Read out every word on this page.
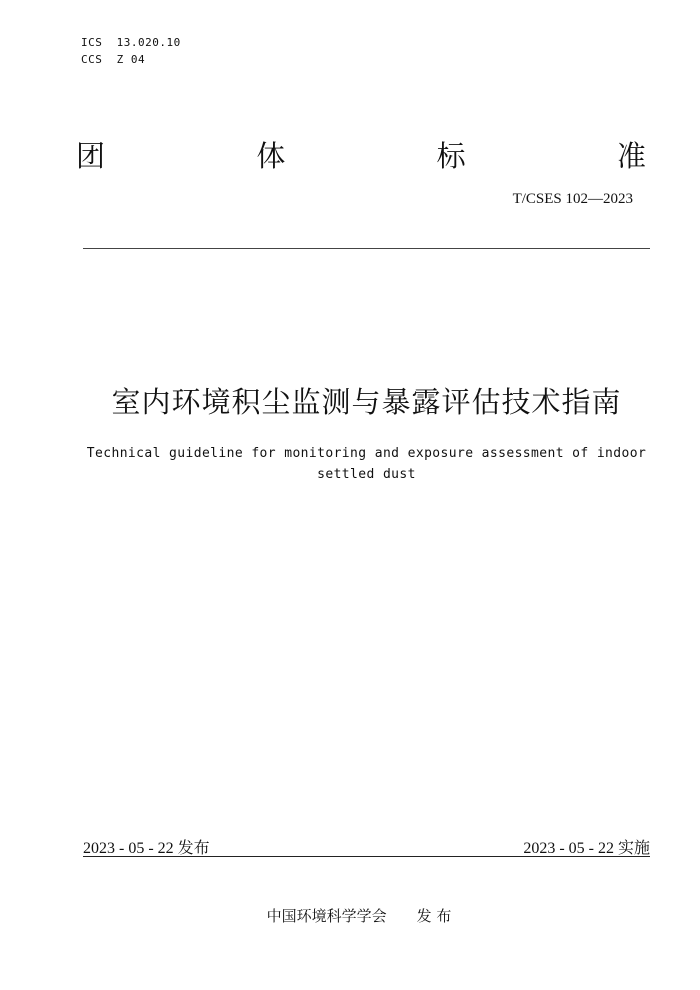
ICS  13.020.10
CCS  Z 04
团	体	标	准
T/CSES 102—2023
室内环境积尘监测与暴露评估技术指南
Technical guideline for monitoring and exposure assessment of indoor settled dust
2023 - 05 - 22 发布	2023 - 05 - 22 实施
中国环境科学学会 发 布
